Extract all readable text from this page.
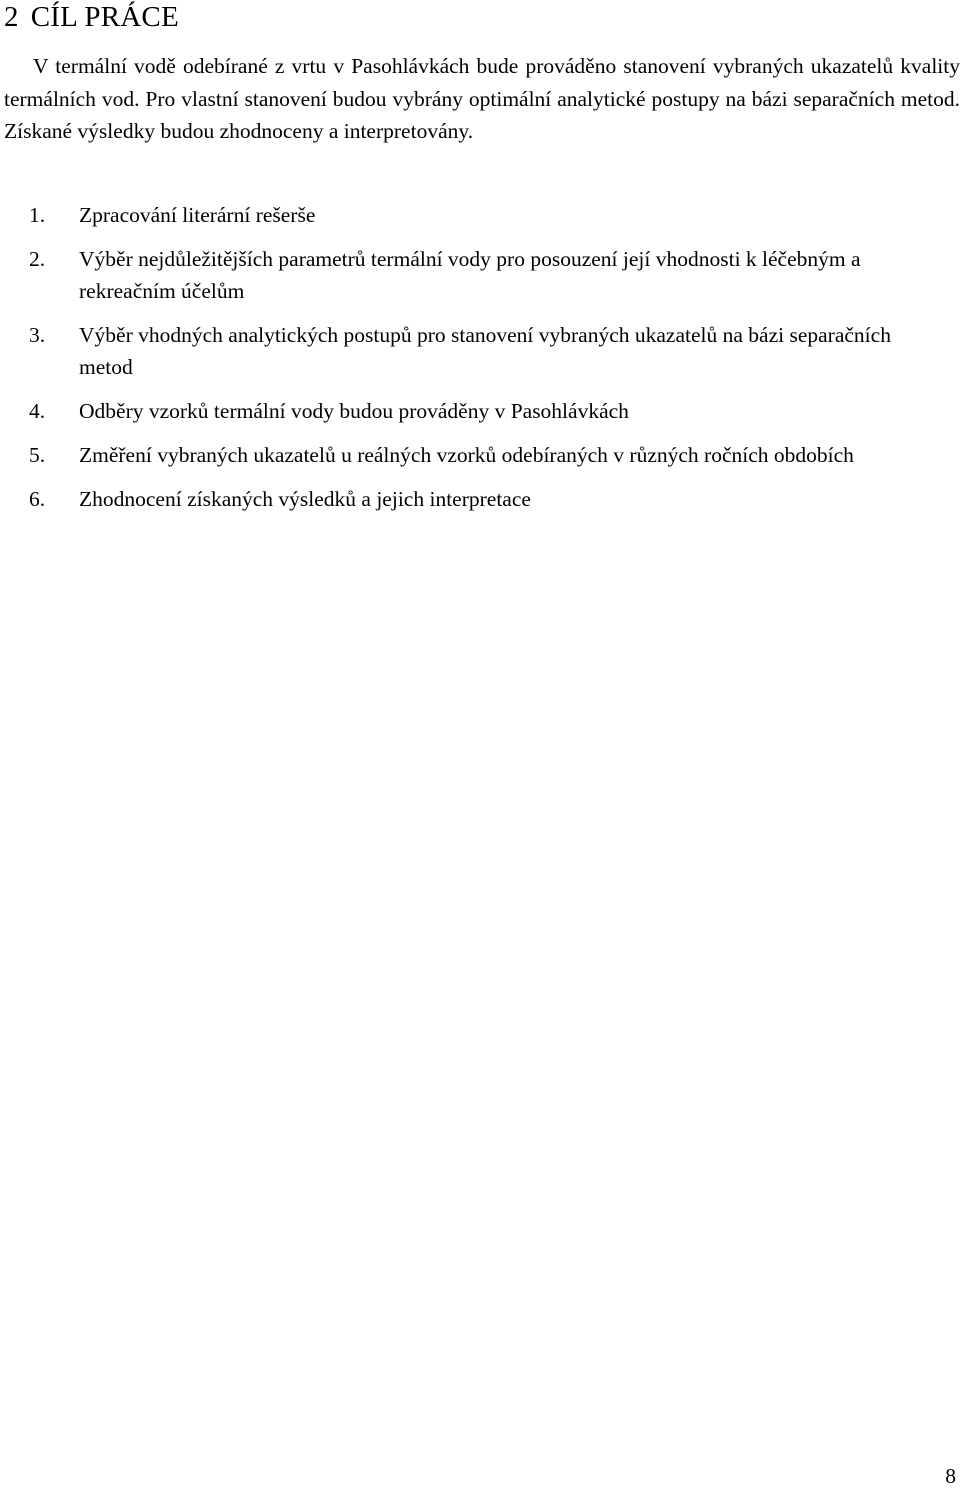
2 CÍL PRÁCE

V termální vodě odebírané z vrtu v Pasohlávkách bude prováděno stanovení vybraných ukazatelů kvality termálních vod. Pro vlastní stanovení budou vybrány optimální analytické postupy na bázi separačních metod. Získané výsledky budou zhodnoceny a interpretovány.

1.	Zpracování literární rešerše
2.	Výběr nejdůležitějších parametrů termální vody pro posouzení její vhodnosti k léčebným a rekreačním účelům
3.	Výběr vhodných analytických postupů pro stanovení vybraných ukazatelů na bázi separačních metod
4.	Odběry vzorků termální vody budou prováděny v Pasohlávkách
5.	Změření vybraných ukazatelů u reálných vzorků odebíraných v různých ročních obdobích
6.	Zhodnocení získaných výsledků a jejich interpretace
8
